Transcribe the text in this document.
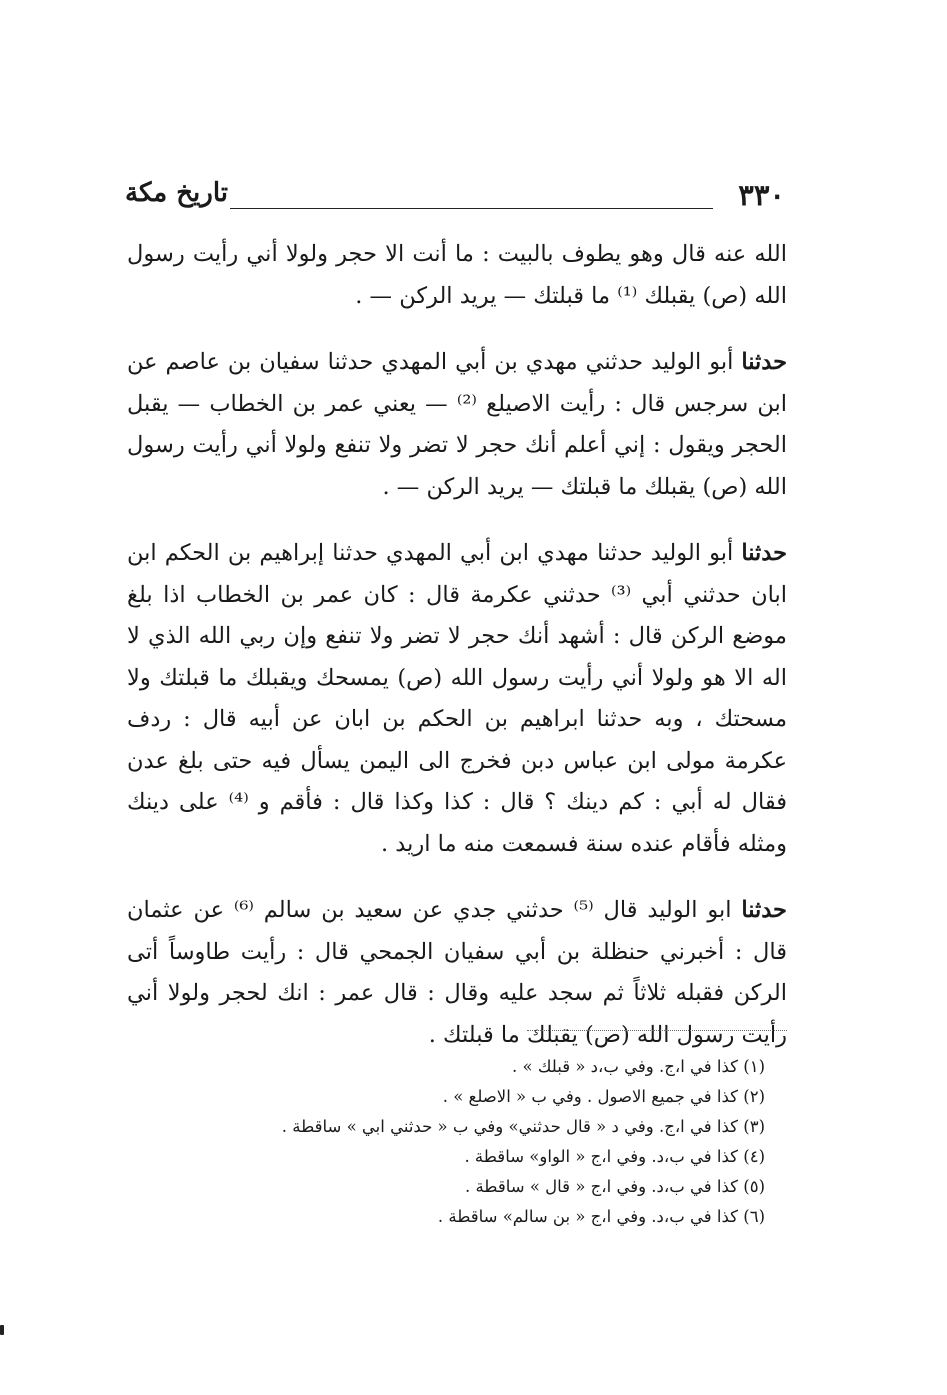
٣٣٠
تاريخ مكة

الله عنه قال وهو يطوف بالبيت : ما أنت الا حجر ولولا أني رأيت رسول الله (ص) يقبلك ⁽¹⁾ ما قبلتك — يريد الركن — .

حدثنا أبو الوليد حدثني مهدي بن أبي المهدي حدثنا سفيان بن عاصم عن ابن سرجس قال : رأيت الاصيلع ⁽²⁾ — يعني عمر بن الخطاب — يقبل الحجر ويقول : إني أعلم أنك حجر لا تضر ولا تنفع ولولا أني رأيت رسول الله (ص) يقبلك ما قبلتك — يريد الركن — .

حدثنا أبو الوليد حدثنا مهدي ابن أبي المهدي حدثنا إبراهيم بن الحكم ابن ابان حدثني أبي ⁽³⁾ حدثني عكرمة قال : كان عمر بن الخطاب اذا بلغ موضع الركن قال : أشهد أنك حجر لا تضر ولا تنفع وإن ربي الله الذي لا اله الا هو ولولا أني رأيت رسول الله (ص) يمسحك ويقبلك ما قبلتك ولا مسحتك ، وبه حدثنا ابراهيم بن الحكم بن ابان عن أبيه قال : ردف عكرمة مولى ابن عباس دبن فخرج الى اليمن يسأل فيه حتى بلغ عدن فقال له أبي : كم دينك ؟ قال : كذا وكذا قال : فأقم و ⁽⁴⁾ على دينك ومثله فأقام عنده سنة فسمعت منه ما اريد .

حدثنا ابو الوليد قال ⁽⁵⁾ حدثني جدي عن سعيد بن سالم ⁽⁶⁾ عن عثمان قال : أخبرني حنظلة بن أبي سفيان الجمحي قال : رأيت طاوساً أتى الركن فقبله ثلاثاً ثم سجد عليه وقال : قال عمر : انك لحجر ولولا أني رأيت رسول الله (ص) يقبلك ما قبلتك .

(١) كذا في ا،ج. وفي ب،د « قبلك » .
(٢) كذا في جميع الاصول . وفي ب « الاصلع » .
(٣) كذا في ا،ج. وفي د « قال حدثني» وفي ب « حدثني ابي » ساقطة .
(٤) كذا في ب،د. وفي ا،ج « الواو» ساقطة .
(٥) كذا في ب،د. وفي ا،ج « قال » ساقطة .
(٦) كذا في ب،د. وفي ا،ج « بن سالم» ساقطة .
